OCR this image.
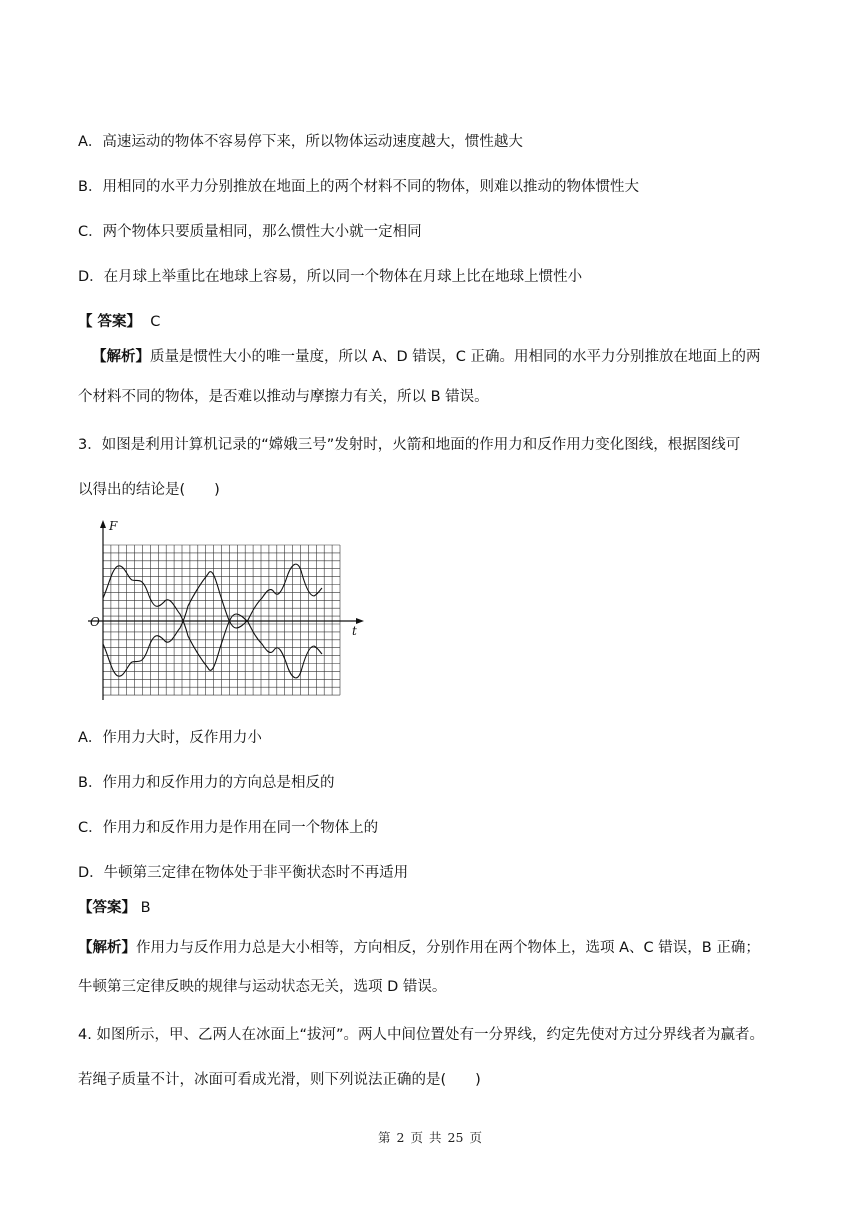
A．高速运动的物体不容易停下来，所以物体运动速度越大，惯性越大
B．用相同的水平力分别推放在地面上的两个材料不同的物体，则难以推动的物体惯性大
C．两个物体只要质量相同，那么惯性大小就一定相同
D．在月球上举重比在地球上容易，所以同一个物体在月球上比在地球上惯性小
【 答案】 C
【解析】质量是惯性大小的唯一量度，所以 A、D 错误，C 正确。用相同的水平力分别推放在地面上的两
个材料不同的物体，是否难以推动与摩擦力有关，所以 B 错误。
3．如图是利用计算机记录的“嫦娥三号”发射时，火箭和地面的作用力和反作用力变化图线，根据图线可
以得出的结论是(　　)
F
t
O
A．作用力大时，反作用力小
B．作用力和反作用力的方向总是相反的
C．作用力和反作用力是作用在同一个物体上的
D．牛顿第三定律在物体处于非平衡状态时不再适用
【答案】 B
【解析】作用力与反作用力总是大小相等，方向相反，分别作用在两个物体上，选项 A、C 错误，B 正确；
牛顿第三定律反映的规律与运动状态无关，选项 D 错误。
4. 如图所示，甲、乙两人在冰面上“拔河”。两人中间位置处有一分界线，约定先使对方过分界线者为赢者。
若绳子质量不计，冰面可看成光滑，则下列说法正确的是(　　)
第 2 页 共 25 页
